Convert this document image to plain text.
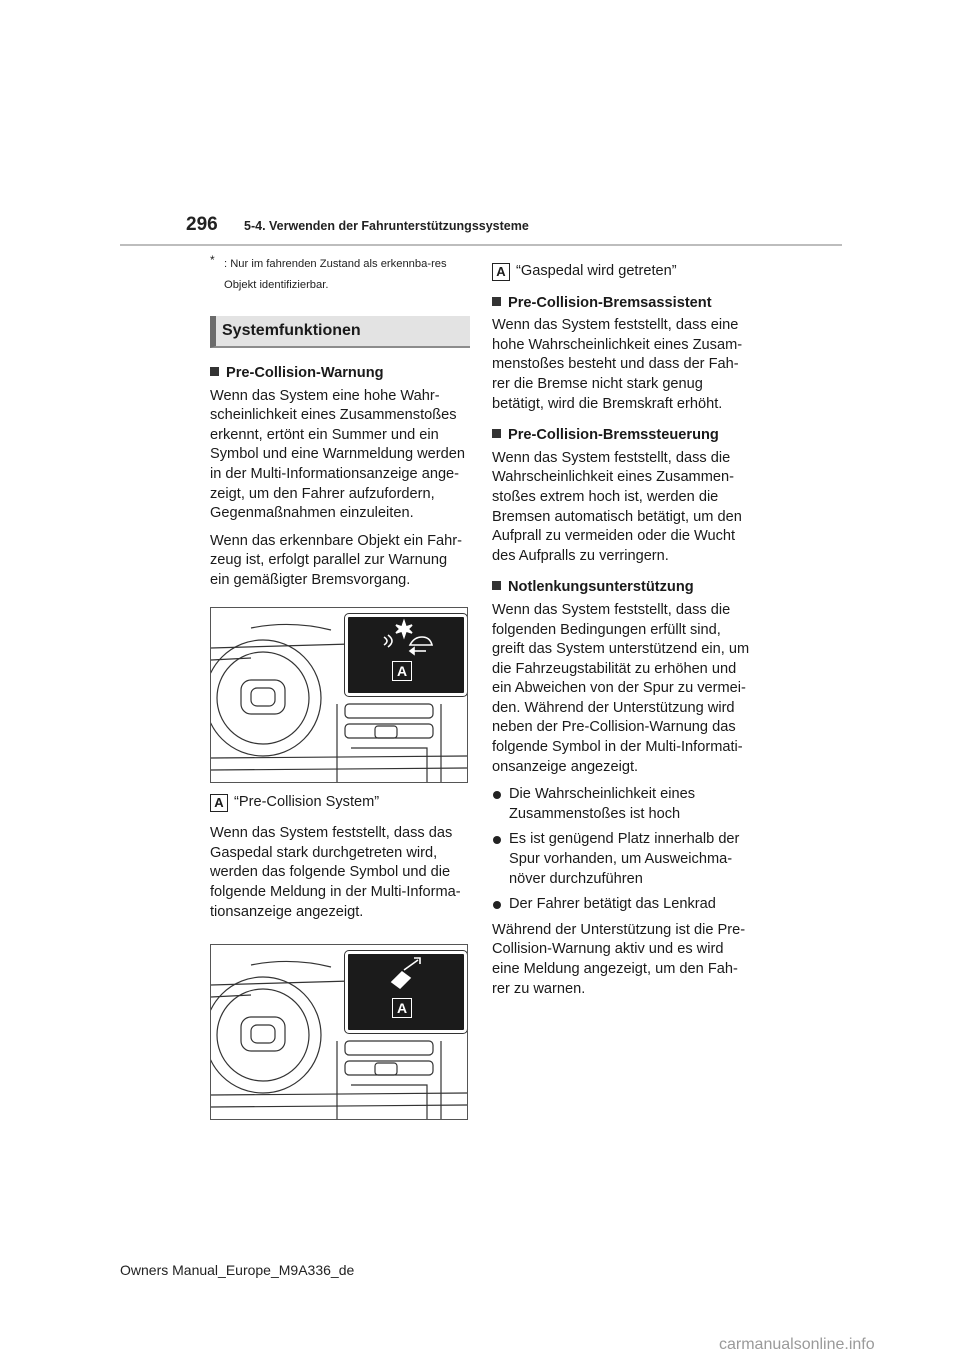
296 5-4. Verwenden der Fahrunterstützungssysteme
* : Nur im fahrenden Zustand als erkennba-res Objekt identifizierbar.
Systemfunktionen
Pre-Collision-Warnung

Wenn das System eine hohe Wahr-scheinlichkeit eines Zusammenstoßes erkennt, ertönt ein Summer und ein Symbol und eine Warnmeldung werden in der Multi-Informationsanzeige ange-zeigt, um den Fahrer aufzufordern, Gegenmaßnahmen einzuleiten.

Wenn das erkennbare Objekt ein Fahr-zeug ist, erfolgt parallel zur Warnung ein gemäßigter Bremsvorgang.

A
A “Pre-Collision System”

Wenn das System feststellt, dass das Gaspedal stark durchgetreten wird, werden das folgende Symbol und die folgende Meldung in der Multi-Informa-tionsanzeige angezeigt.

A
A “Gaspedal wird getreten”
Pre-Collision-Bremsassistent

Wenn das System feststellt, dass eine hohe Wahrscheinlichkeit eines Zusam-menstoßes besteht und dass der Fah-rer die Bremse nicht stark genug betätigt, wird die Bremskraft erhöht.

Pre-Collision-Bremssteuerung

Wenn das System feststellt, dass die Wahrscheinlichkeit eines Zusammen-stoßes extrem hoch ist, werden die Bremsen automatisch betätigt, um den Aufprall zu vermeiden oder die Wucht des Aufpralls zu verringern.

Notlenkungsunterstützung

Wenn das System feststellt, dass die folgenden Bedingungen erfüllt sind, greift das System unterstützend ein, um die Fahrzeugstabilität zu erhöhen und ein Abweichen von der Spur zu vermei-den. Während der Unterstützung wird neben der Pre-Collision-Warnung das folgende Symbol in der Multi-Informati-onsanzeige angezeigt.

Die Wahrscheinlichkeit eines Zusammenstoßes ist hoch
Es ist genügend Platz innerhalb der Spur vorhanden, um Ausweichma-növer durchzuführen
Der Fahrer betätigt das Lenkrad

Während der Unterstützung ist die Pre-Collision-Warnung aktiv und es wird eine Meldung angezeigt, um den Fah-rer zu warnen.

Owners Manual_Europe_M9A336_de
carmanualsonline.info
